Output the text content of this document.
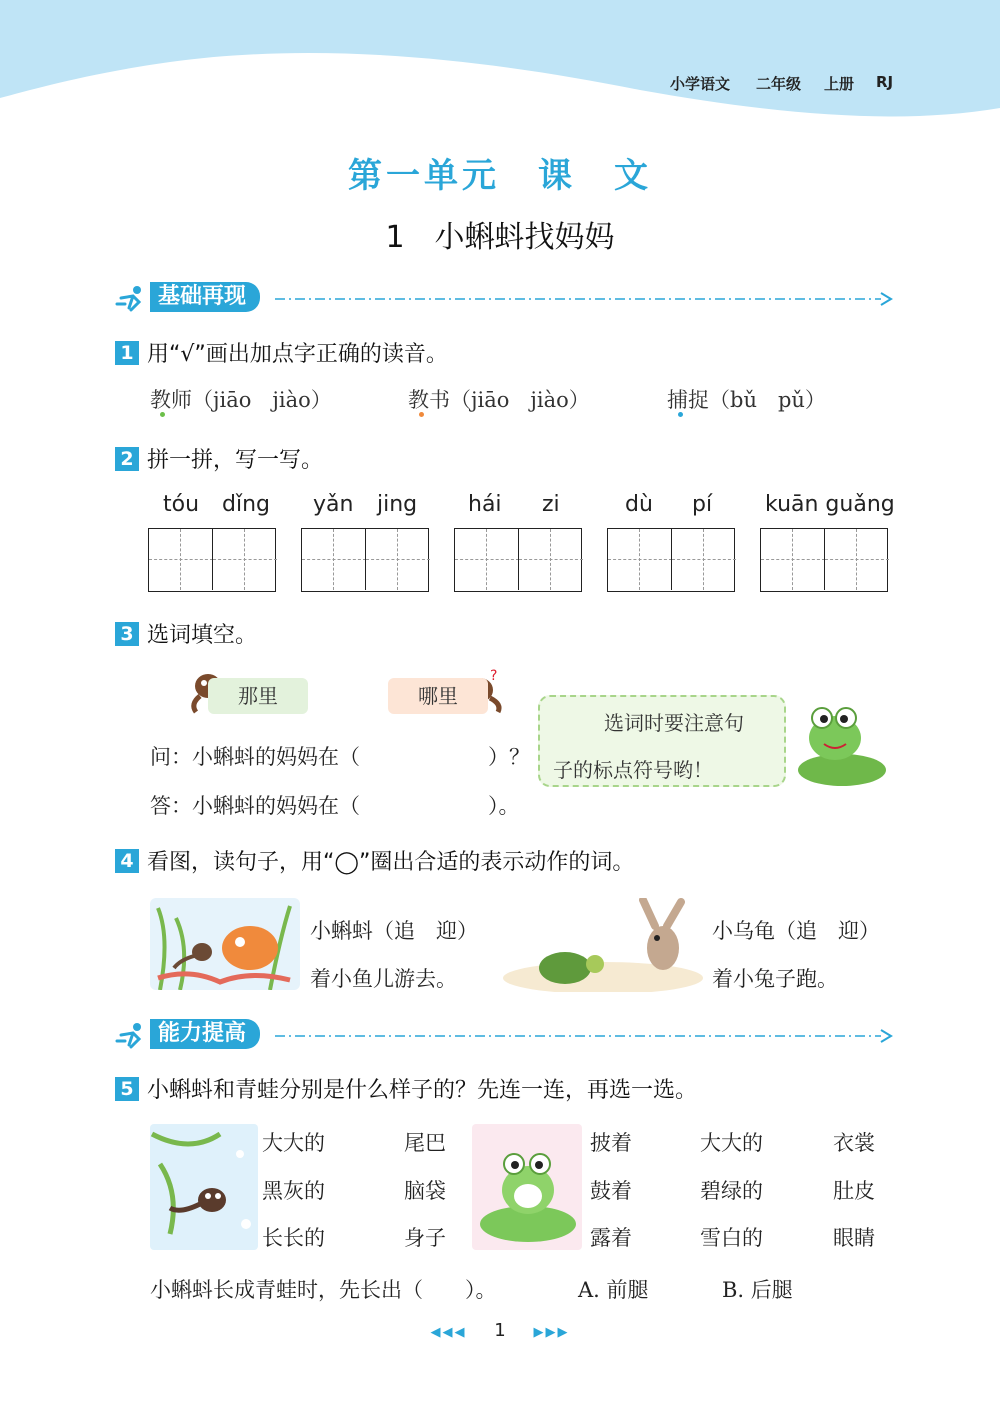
小学语文 二年级 上册 RJ
第一单元　课　文
1 小蝌蚪找妈妈
基础再现
1 用“√”画出加点字正确的读音。
教师（jiāo　jiào）	教书（jiāo　jiào）	捕捉（bǔ　pǔ）
2 拼一拼，写一写。
tóu dǐng yǎn jing hái zi	dù pí kuān guǎng
3 选词填空。
那里
?
哪里
问：小蝌蚪的妈妈在（	）？
答：小蝌蚪的妈妈在（	）。
选词时要注意句
子的标点符号哟！
4 看图，读句子，用“◯”圈出合适的表示动作的词。
小蝌蚪（追　迎）
着小鱼儿游去。
小乌龟（追　迎）
着小兔子跑。
能力提高
5 小蝌蚪和青蛙分别是什么样子的？先连一连，再选一选。
大大的
黑灰的
长长的
尾巴
脑袋
身子
披着
鼓着
露着
大大的
碧绿的
雪白的
衣裳
肚皮
眼睛
小蝌蚪长成青蛙时，先长出（　　）。	A. 前腿	B. 后腿
◀◀◀ 1 ▶▶▶
